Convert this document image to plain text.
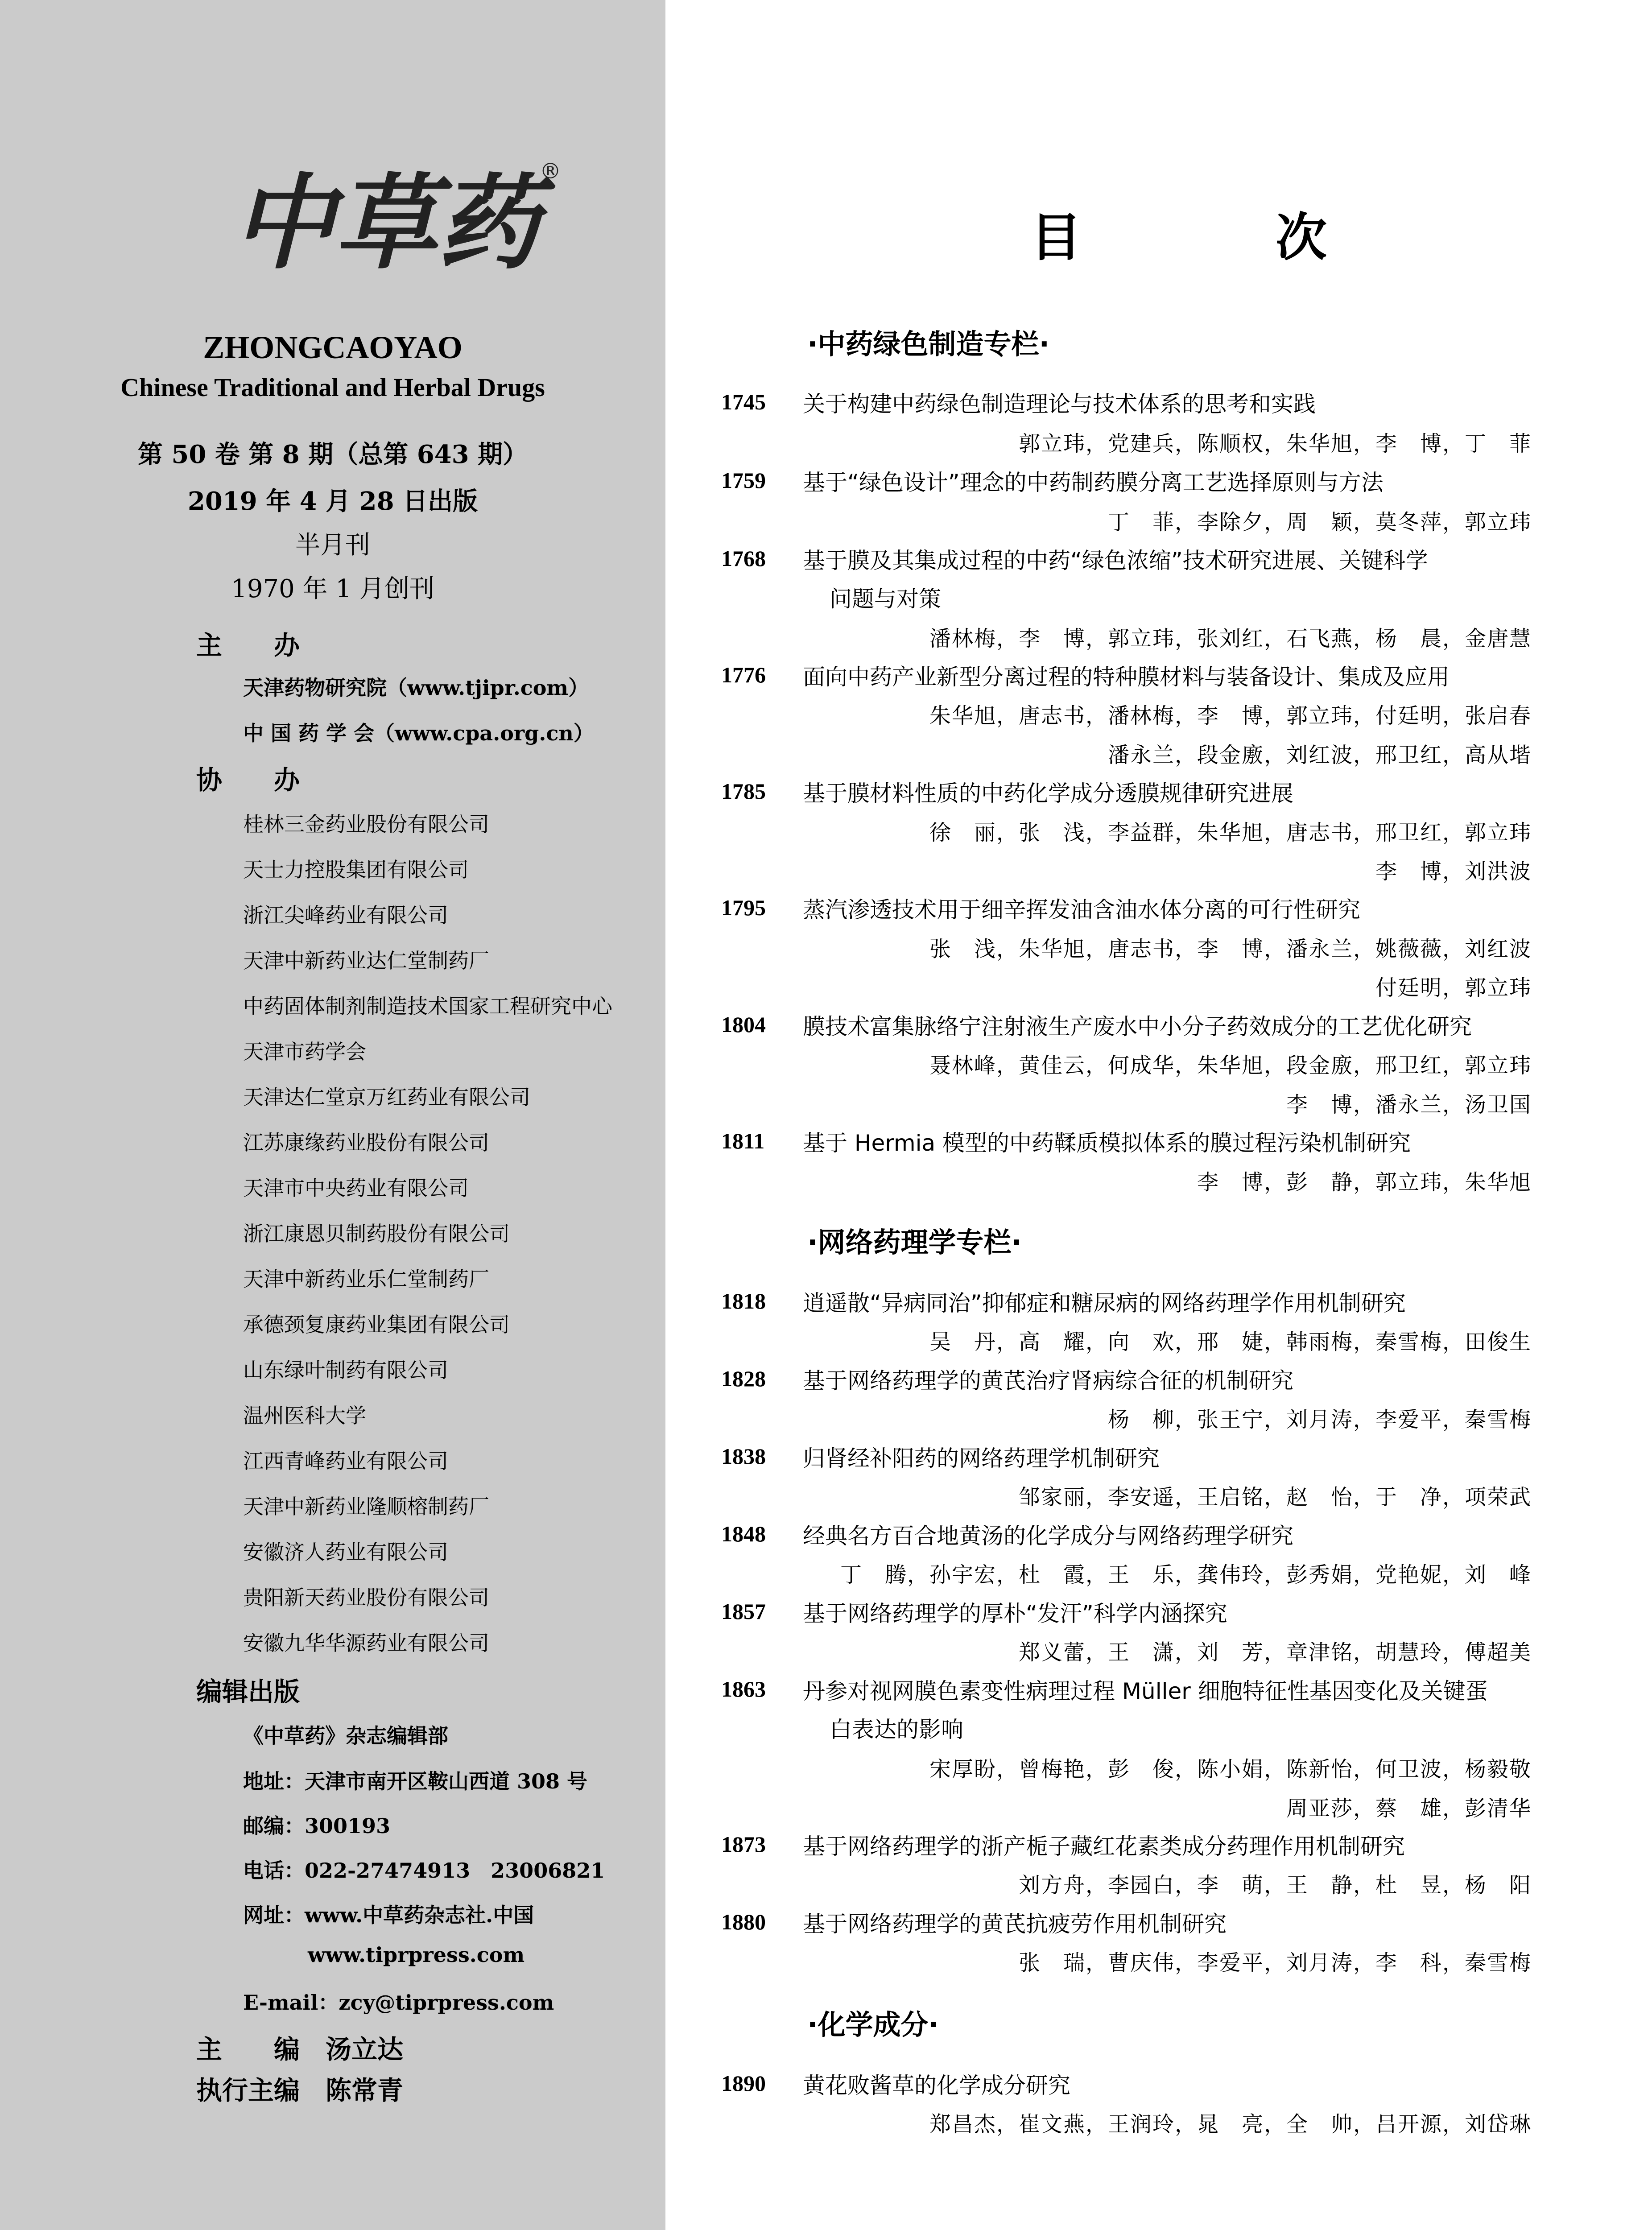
中草药 ®
ZHONGCAOYAO
Chinese Traditional and Herbal Drugs
第 50 卷 第 8 期（总第 643 期）
2019 年 4 月 28 日出版
半月刊
1970 年 1 月创刊
主　　办
天津药物研究院（www.tjipr.com）
中 国 药 学 会（www.cpa.org.cn）
协　　办
桂林三金药业股份有限公司
天士力控股集团有限公司
浙江尖峰药业有限公司
天津中新药业达仁堂制药厂
中药固体制剂制造技术国家工程研究中心
天津市药学会
天津达仁堂京万红药业有限公司
江苏康缘药业股份有限公司
天津市中央药业有限公司
浙江康恩贝制药股份有限公司
天津中新药业乐仁堂制药厂
承德颈复康药业集团有限公司
山东绿叶制药有限公司
温州医科大学
江西青峰药业有限公司
天津中新药业隆顺榕制药厂
安徽济人药业有限公司
贵阳新天药业股份有限公司
安徽九华华源药业有限公司
编辑出版
《中草药》杂志编辑部
地址：天津市南开区鞍山西道 308 号
邮编：300193
电话：022-27474913　23006821
网址：www.中草药杂志社.中国
www.tiprpress.com
E-mail：zcy@tiprpress.com
主　　编　汤立达
执行主编　陈常青
目　次
·中药绿色制造专栏·
1745 关于构建中药绿色制造理论与技术体系的思考和实践
郭立玮，党建兵，陈顺权，朱华旭，李　博，丁　菲
1759 基于“绿色设计”理念的中药制药膜分离工艺选择原则与方法
丁　菲，李除夕，周　颖，莫冬萍，郭立玮
1768 基于膜及其集成过程的中药“绿色浓缩”技术研究进展、关键科学
问题与对策
潘林梅，李　博，郭立玮，张刘红，石飞燕，杨　晨，金唐慧
1776 面向中药产业新型分离过程的特种膜材料与装备设计、集成及应用
朱华旭，唐志书，潘林梅，李　博，郭立玮，付廷明，张启春
潘永兰，段金廒，刘红波，邢卫红，高从堦
1785 基于膜材料性质的中药化学成分透膜规律研究进展
徐　丽，张　浅，李益群，朱华旭，唐志书，邢卫红，郭立玮
李　博，刘洪波
1795 蒸汽渗透技术用于细辛挥发油含油水体分离的可行性研究
张　浅，朱华旭，唐志书，李　博，潘永兰，姚薇薇，刘红波
付廷明，郭立玮
1804 膜技术富集脉络宁注射液生产废水中小分子药效成分的工艺优化研究
聂林峰，黄佳云，何成华，朱华旭，段金廒，邢卫红，郭立玮
李　博，潘永兰，汤卫国
1811 基于 Hermia 模型的中药鞣质模拟体系的膜过程污染机制研究
李　博，彭　静，郭立玮，朱华旭
·网络药理学专栏·
1818 逍遥散“异病同治”抑郁症和糖尿病的网络药理学作用机制研究
吴　丹，高　耀，向　欢，邢　婕，韩雨梅，秦雪梅，田俊生
1828 基于网络药理学的黄芪治疗肾病综合征的机制研究
杨　柳，张王宁，刘月涛，李爱平，秦雪梅
1838 归肾经补阳药的网络药理学机制研究
邹家丽，李安遥，王启铭，赵　怡，于　净，项荣武
1848 经典名方百合地黄汤的化学成分与网络药理学研究
丁　腾，孙宇宏，杜　霞，王　乐，龚伟玲，彭秀娟，党艳妮，刘　峰
1857 基于网络药理学的厚朴“发汗”科学内涵探究
郑义蕾，王　潇，刘　芳，章津铭，胡慧玲，傅超美
1863 丹参对视网膜色素变性病理过程 Müller 细胞特征性基因变化及关键蛋
白表达的影响
宋厚盼，曾梅艳，彭　俊，陈小娟，陈新怡，何卫波，杨毅敬
周亚莎，蔡　雄，彭清华
1873 基于网络药理学的浙产栀子藏红花素类成分药理作用机制研究
刘方舟，李园白，李　萌，王　静，杜　昱，杨　阳
1880 基于网络药理学的黄芪抗疲劳作用机制研究
张　瑞，曹庆伟，李爱平，刘月涛，李　科，秦雪梅
·化学成分·
1890 黄花败酱草的化学成分研究
郑昌杰，崔文燕，王润玲，晁　亮，全　帅，吕开源，刘岱琳
